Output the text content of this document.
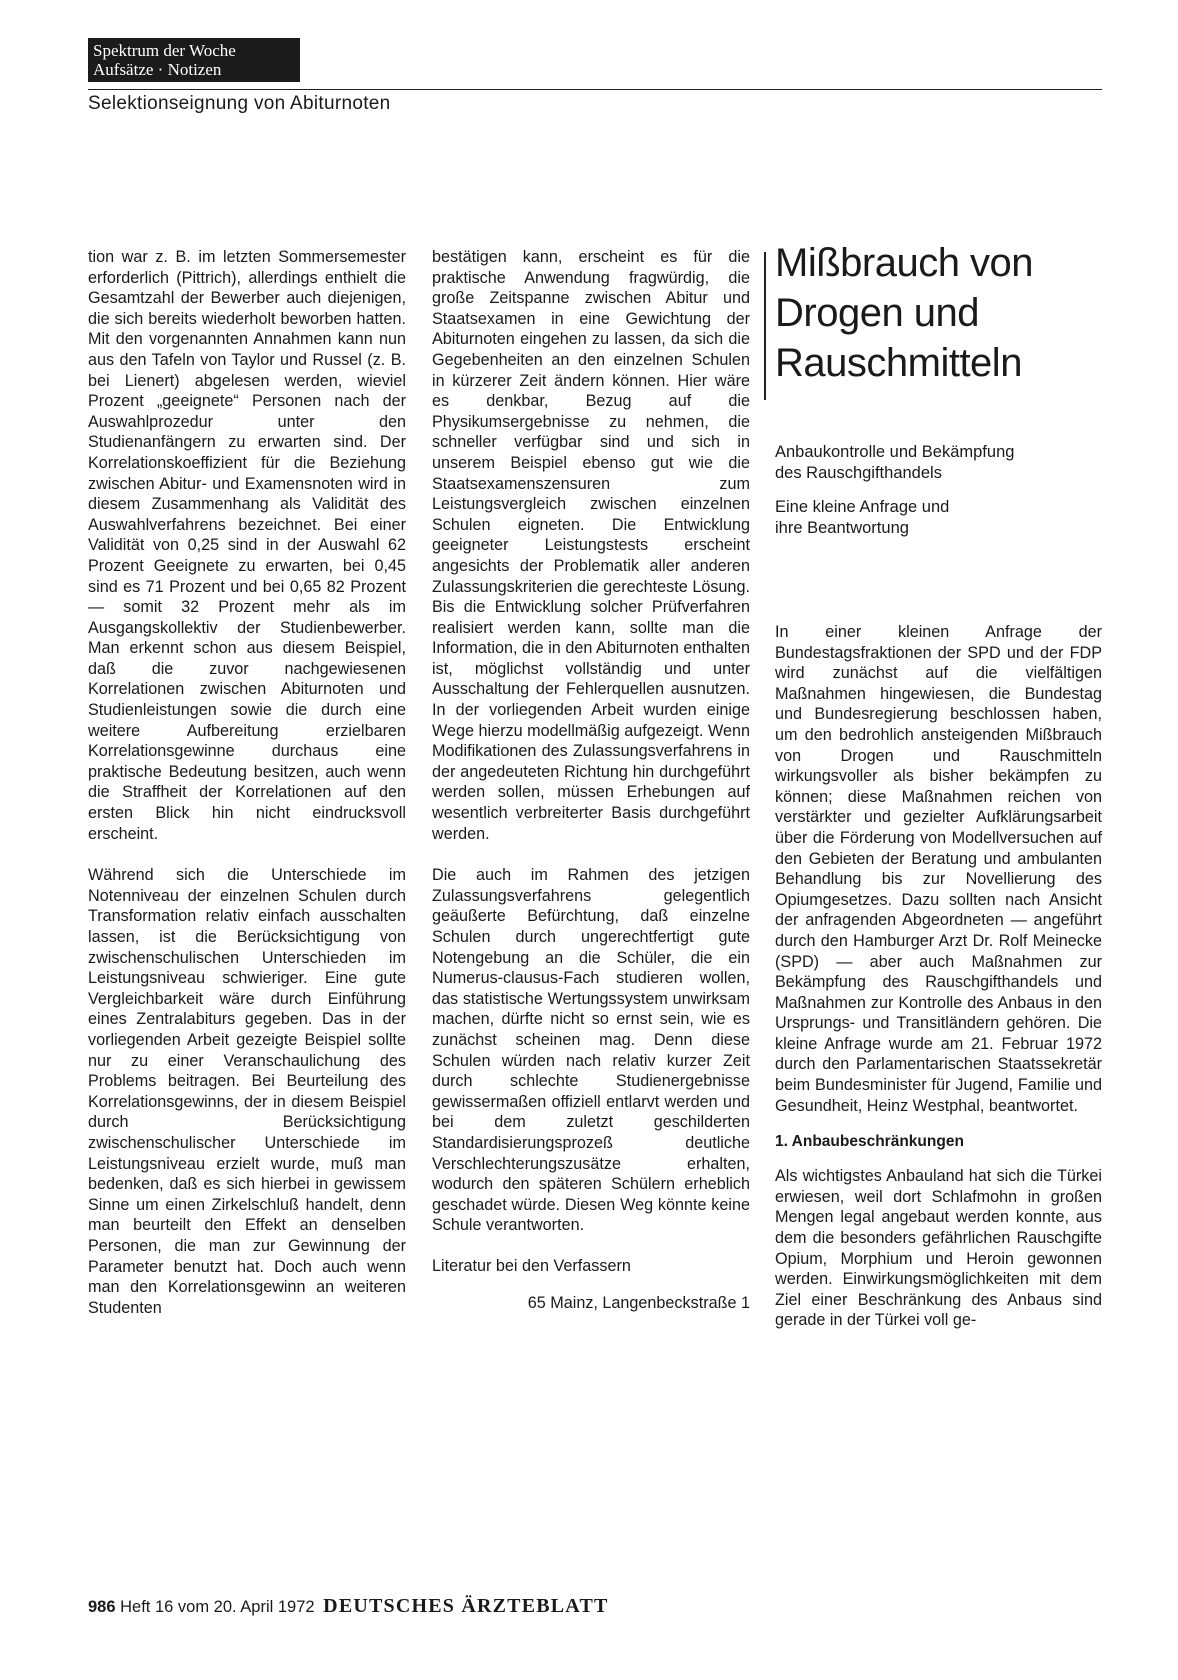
Spektrum der Woche
Aufsätze · Notizen
Selektionseignung von Abiturnoten

tion war z. B. im letzten Sommersemester erforderlich (Pittrich), allerdings enthielt die Gesamtzahl der Bewerber auch diejenigen, die sich bereits wiederholt beworben hatten. Mit den vorgenannten Annahmen kann nun aus den Tafeln von Taylor und Russel (z. B. bei Lienert) abgelesen werden, wieviel Prozent „geeignete“ Personen nach der Auswahlprozedur unter den Studienanfängern zu erwarten sind. Der Korrelationskoeffizient für die Beziehung zwischen Abitur- und Examensnoten wird in diesem Zusammenhang als Validität des Auswahlverfahrens bezeichnet. Bei einer Validität von 0,25 sind in der Auswahl 62 Prozent Geeignete zu erwarten, bei 0,45 sind es 71 Prozent und bei 0,65 82 Prozent — somit 32 Prozent mehr als im Ausgangskollektiv der Studienbewerber. Man erkennt schon aus diesem Beispiel, daß die zuvor nachgewiesenen Korrelationen zwischen Abiturnoten und Studienleistungen sowie die durch eine weitere Aufbereitung erzielbaren Korrelationsgewinne durchaus eine praktische Bedeutung besitzen, auch wenn die Straffheit der Korrelationen auf den ersten Blick hin nicht eindrucksvoll erscheint.

Während sich die Unterschiede im Notenniveau der einzelnen Schulen durch Transformation relativ einfach ausschalten lassen, ist die Berücksichtigung von zwischenschulischen Unterschieden im Leistungsniveau schwieriger. Eine gute Vergleichbarkeit wäre durch Einführung eines Zentralabiturs gegeben. Das in der vorliegenden Arbeit gezeigte Beispiel sollte nur zu einer Veranschaulichung des Problems beitragen. Bei Beurteilung des Korrelationsgewinns, der in diesem Beispiel durch Berücksichtigung zwischenschulischer Unterschiede im Leistungsniveau erzielt wurde, muß man bedenken, daß es sich hierbei in gewissem Sinne um einen Zirkelschluß handelt, denn man beurteilt den Effekt an denselben Personen, die man zur Gewinnung der Parameter benutzt hat. Doch auch wenn man den Korrelationsgewinn an weiteren Studenten

bestätigen kann, erscheint es für die praktische Anwendung fragwürdig, die große Zeitspanne zwischen Abitur und Staatsexamen in eine Gewichtung der Abiturnoten eingehen zu lassen, da sich die Gegebenheiten an den einzelnen Schulen in kürzerer Zeit ändern können. Hier wäre es denkbar, Bezug auf die Physikumsergebnisse zu nehmen, die schneller verfügbar sind und sich in unserem Beispiel ebenso gut wie die Staatsexamenszensuren zum Leistungsvergleich zwischen einzelnen Schulen eigneten. Die Entwicklung geeigneter Leistungstests erscheint angesichts der Problematik aller anderen Zulassungskriterien die gerechteste Lösung. Bis die Entwicklung solcher Prüfverfahren realisiert werden kann, sollte man die Information, die in den Abiturnoten enthalten ist, möglichst vollständig und unter Ausschaltung der Fehlerquellen ausnutzen. In der vorliegenden Arbeit wurden einige Wege hierzu modellmäßig aufgezeigt. Wenn Modifikationen des Zulassungsverfahrens in der angedeuteten Richtung hin durchgeführt werden sollen, müssen Erhebungen auf wesentlich verbreiterter Basis durchgeführt werden.

Die auch im Rahmen des jetzigen Zulassungsverfahrens gelegentlich geäußerte Befürchtung, daß einzelne Schulen durch ungerechtfertigt gute Notengebung an die Schüler, die ein Numerus-clausus-Fach studieren wollen, das statistische Wertungssystem unwirksam machen, dürfte nicht so ernst sein, wie es zunächst scheinen mag. Denn diese Schulen würden nach relativ kurzer Zeit durch schlechte Studienergebnisse gewissermaßen offiziell entlarvt werden und bei dem zuletzt geschilderten Standardisierungsprozeß deutliche Verschlechterungszusätze erhalten, wodurch den späteren Schülern erheblich geschadet würde. Diesen Weg könnte keine Schule verantworten.

Literatur bei den Verfassern

65 Mainz, Langenbeckstraße 1

Mißbrauch von
Drogen und
Rauschmitteln

Anbaukontrolle und Bekämpfung
des Rauschgifthandels

Eine kleine Anfrage und
ihre Beantwortung

In einer kleinen Anfrage der Bundestagsfraktionen der SPD und der FDP wird zunächst auf die vielfältigen Maßnahmen hingewiesen, die Bundestag und Bundesregierung beschlossen haben, um den bedrohlich ansteigenden Mißbrauch von Drogen und Rauschmitteln wirkungsvoller als bisher bekämpfen zu können; diese Maßnahmen reichen von verstärkter und gezielter Aufklärungsarbeit über die Förderung von Modellversuchen auf den Gebieten der Beratung und ambulanten Behandlung bis zur Novellierung des Opiumgesetzes. Dazu sollten nach Ansicht der anfragenden Abgeordneten — angeführt durch den Hamburger Arzt Dr. Rolf Meinecke (SPD) — aber auch Maßnahmen zur Bekämpfung des Rauschgifthandels und Maßnahmen zur Kontrolle des Anbaus in den Ursprungs- und Transitländern gehören. Die kleine Anfrage wurde am 21. Februar 1972 durch den Parlamentarischen Staatssekretär beim Bundesminister für Jugend, Familie und Gesundheit, Heinz Westphal, beantwortet.

1. Anbaubeschränkungen

Als wichtigstes Anbauland hat sich die Türkei erwiesen, weil dort Schlafmohn in großen Mengen legal angebaut werden konnte, aus dem die besonders gefährlichen Rauschgifte Opium, Morphium und Heroin gewonnen werden. Einwirkungsmöglichkeiten mit dem Ziel einer Beschränkung des Anbaus sind gerade in der Türkei voll ge-

986 Heft 16 vom 20. April 1972 DEUTSCHES ÄRZTEBLATT
